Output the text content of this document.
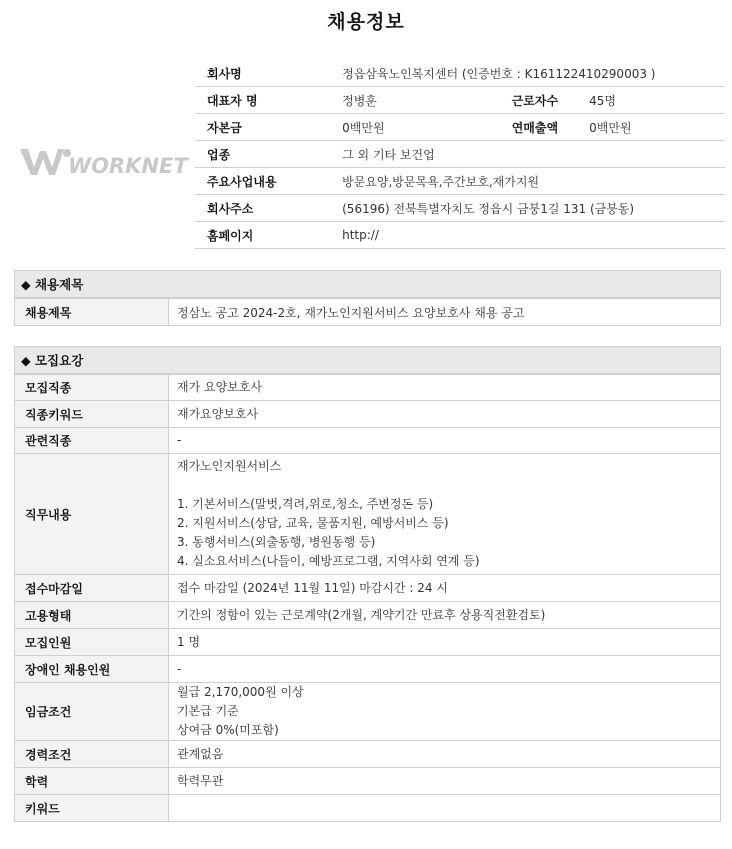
채용정보
WORKNET
회사명	정읍삼육노인복지센터 (인증번호 : K161122410290003 )		
대표자 명	정병훈	근로자수	45명
자본금	0백만원	연매출액	0백만원
업종	그 외 기타 보건업		
주요사업내용	방문요양,방문목욕,주간보호,재가지원		
회사주소	(56196) 전북특별자치도 정읍시 금붕1길 131 (금붕동)		
홈페이지	http://		
◆ 채용제목
채용제목	정삼노 공고 2024-2호, 재가노인지원서비스 요양보호사 채용 공고
◆ 모집요강
모집직종	재가 요양보호사

직종키워드	재가요양보호사

관련직종	-

직무내용	재가노인지원서비스

1. 기본서비스(말벗,격려,위로,청소, 주변정돈 등)
2. 지원서비스(상담, 교육, 물품지원, 예방서비스 등)
3. 동행서비스(외출동행, 병원동행 등)
4. 실소요서비스(나들이, 예방프로그램, 지역사회 연계 등)

접수마감일	접수 마감일 (2024년 11월 11일) 마감시간 : 24 시

고용형태	기간의 정함이 있는 근로계약(2개월, 계약기간 만료후 상용직전환검토)

모집인원	1 명

장애인 채용인원	-

임금조건	월급 2,170,000원 이상
기본급 기준
상여금 0%(미포함)

경력조건	관계없음

학력	학력무관

키워드	
